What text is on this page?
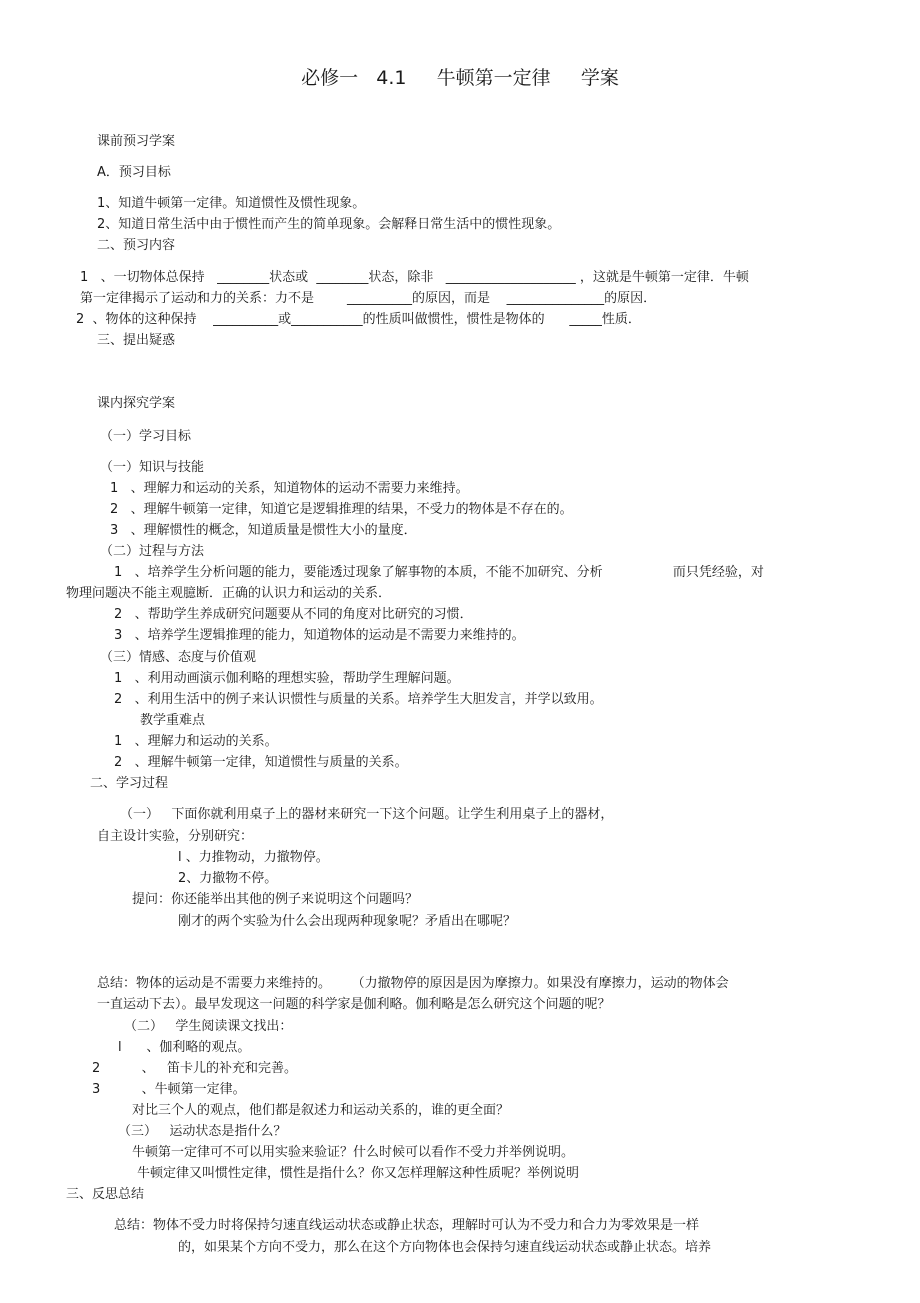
必修一   4.1     牛顿第一定律     学案
课前预习学案
A．预习目标
1、知道牛顿第一定律。知道惯性及惯性现象。
2、知道日常生活中由于惯性而产生的简单现象。会解释日常生活中的惯性现象。
二、预习内容
1   、一切物体总保持   ________状态或  ________状态，除非   ____________________ ，这就是牛顿第一定律．牛顿
第一定律揭示了运动和力的关系：力不是        __________的原因，而是    _______________的原因．
2  、物体的这种保持    __________或___________的性质叫做惯性，惯性是物体的      _____性质．
三、提出疑惑
课内探究学案
（一）学习目标
（一）知识与技能
1   、理解力和运动的关系，知道物体的运动不需要力来维持。
2   、理解牛顿第一定律，知道它是逻辑推理的结果，不受力的物体是不存在的。
3   、理解惯性的概念，知道质量是惯性大小的量度．
（二）过程与方法
1   、培养学生分析问题的能力，要能透过现象了解事物的本质，不能不加研究、分析                 而只凭经验，对
物理问题决不能主观臆断．正确的认识力和运动的关系．
2   、帮助学生养成研究问题要从不同的角度对比研究的习惯．
3   、培养学生逻辑推理的能力，知道物体的运动是不需要力来维持的。
（三）情感、态度与价值观
1   、利用动画演示伽利略的理想实验，帮助学生理解问题。
2   、利用生活中的例子来认识惯性与质量的关系。培养学生大胆发言，并学以致用。
教学重难点
1   、理解力和运动的关系。
2   、理解牛顿第一定律，知道惯性与质量的关系。
二、学习过程
（一）   下面你就利用桌子上的器材来研究一下这个问题。让学生利用桌子上的器材，
自主设计实验，分别研究：
l 、力推物动，力撤物停。
2、力撤物不停。
提问：你还能举出其他的例子来说明这个问题吗？
刚才的两个实验为什么会出现两种现象呢？矛盾出在哪呢？
总结：物体的运动是不需要力来维持的。     （力撤物停的原因是因为摩擦力。如果没有摩擦力，运动的物体会
一直运动下去）。最早发现这一问题的科学家是伽利略。伽利略是怎么研究这个问题的呢？
（二）   学生阅读课文找出：
l      、伽利略的观点。
2          、   笛卡儿的补充和完善。
3          、牛顿第一定律。
对比三个人的观点，他们都是叙述力和运动关系的，谁的更全面？
（三）   运动状态是指什么？
牛顿第一定律可不可以用实验来验证？什么时候可以看作不受力并举例说明。
牛顿定律又叫惯性定律，惯性是指什么？你又怎样理解这种性质呢？举例说明
三、反思总结
总结：物体不受力时将保持匀速直线运动状态或静止状态，理解时可认为不受力和合力为零效果是一样
的，如果某个方向不受力，那么在这个方向物体也会保持匀速直线运动状态或静止状态。培养
